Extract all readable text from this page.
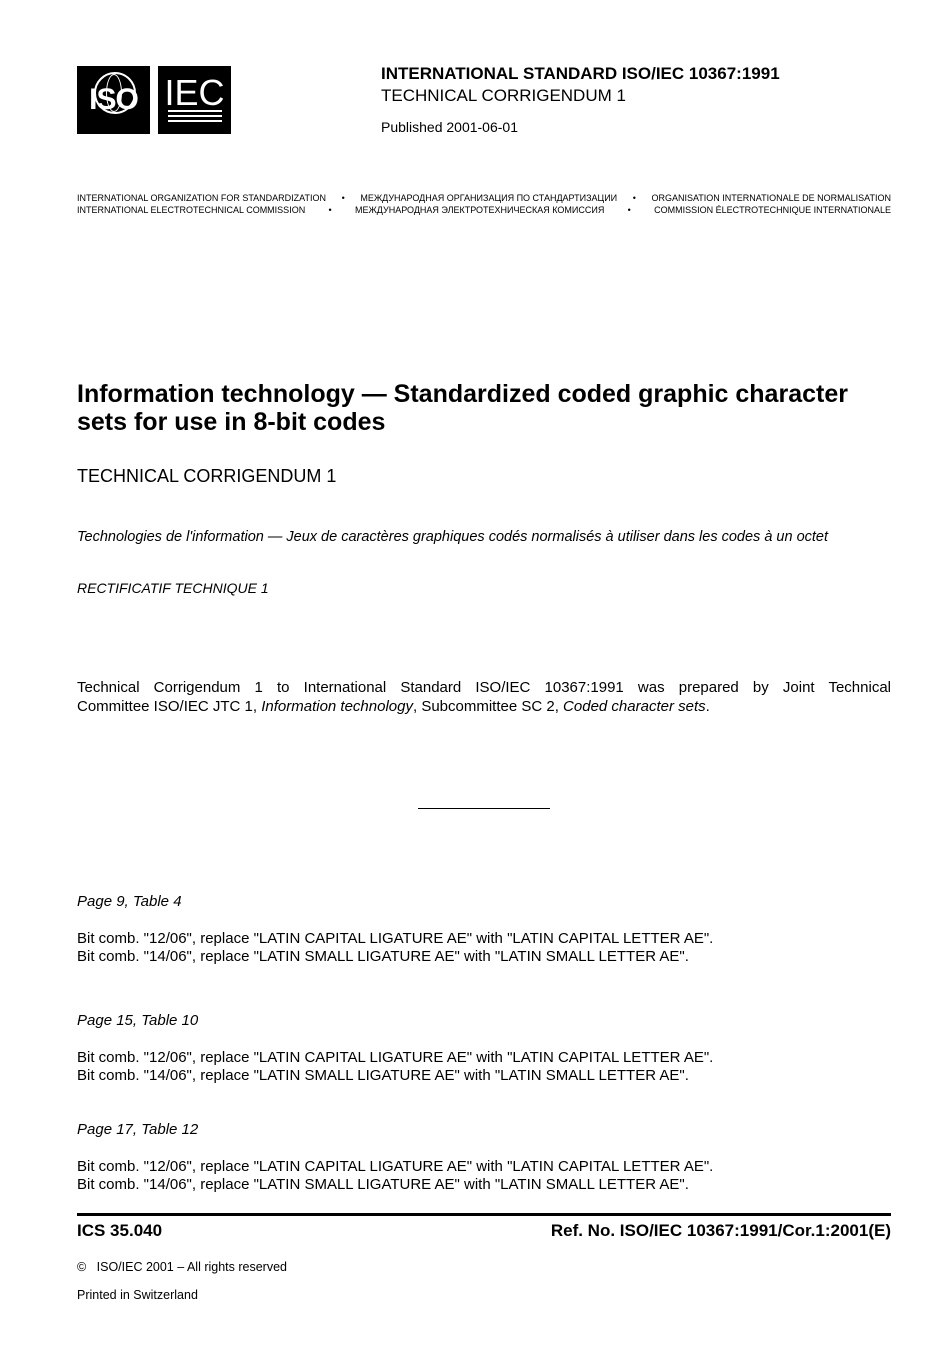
ISO IEC	INTERNATIONAL STANDARD ISO/IEC 10367:1991
TECHNICAL CORRIGENDUM 1
Published 2001-06-01
INTERNATIONAL ORGANIZATION FOR STANDARDIZATION • МЕЖДУНАРОДНАЯ ОРГАНИЗАЦИЯ ПО СТАНДАРТИЗАЦИИ • ORGANISATION INTERNATIONALE DE NORMALISATION
INTERNATIONAL ELECTROTECHNICAL COMMISSION	•	МЕЖДУНАРОДНАЯ ЭЛЕКТРОТЕХНИЧЕСКАЯ КОМИССИЯ	•	COMMISSION ÉLECTROTECHNIQUE INTERNATIONALE
Information technology — Standardized coded graphic character
sets for use in 8-bit codes
TECHNICAL CORRIGENDUM 1
Technologies de l'information — Jeux de caractères graphiques codés normalisés à utiliser dans les codes à un octet
RECTIFICATIF TECHNIQUE 1
Technical Corrigendum 1 to International Standard ISO/IEC 10367:1991 was prepared by Joint Technical
Committee ISO/IEC JTC 1, Information technology, Subcommittee SC 2, Coded character sets.
Page 9, Table 4
Bit comb. "12/06", replace "LATIN CAPITAL LIGATURE AE" with "LATIN CAPITAL LETTER AE".
Bit comb. "14/06", replace "LATIN SMALL LIGATURE AE" with "LATIN SMALL LETTER AE".
Page 15, Table 10
Bit comb. "12/06", replace "LATIN CAPITAL LIGATURE AE" with "LATIN CAPITAL LETTER AE".
Bit comb. "14/06", replace "LATIN SMALL LIGATURE AE" with "LATIN SMALL LETTER AE".
Page 17, Table 12
Bit comb. "12/06", replace "LATIN CAPITAL LIGATURE AE" with "LATIN CAPITAL LETTER AE".
Bit comb. "14/06", replace "LATIN SMALL LIGATURE AE" with "LATIN SMALL LETTER AE".
ICS 35.040	Ref. No. ISO/IEC 10367:1991/Cor.1:2001(E)
©   ISO/IEC 2001 – All rights reserved
Printed in Switzerland
